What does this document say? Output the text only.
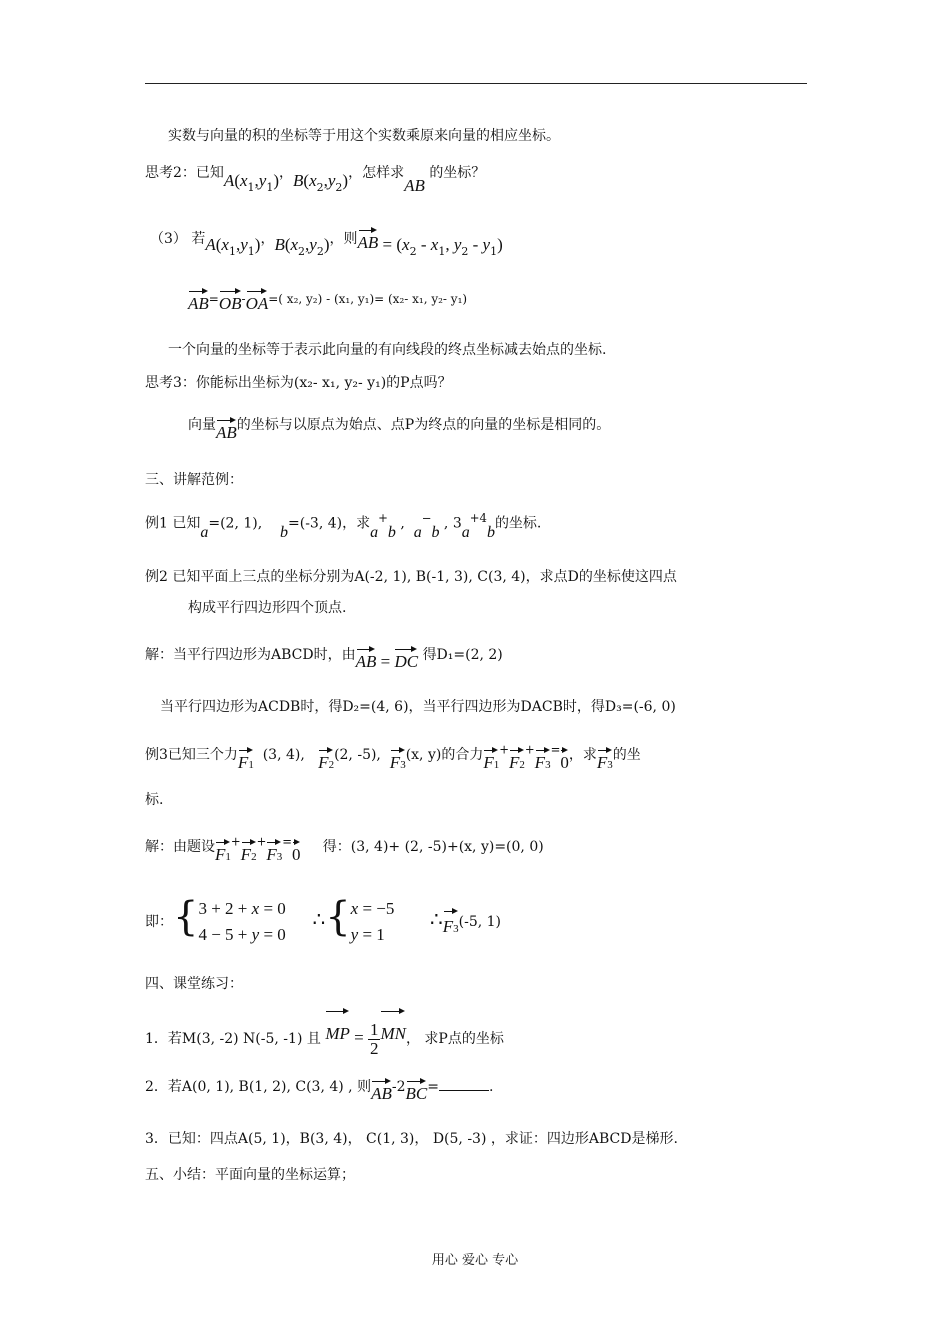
实数与向量的积的坐标等于用这个实数乘原来向量的相应坐标。
思考2：已知$A(x_1,y_1)$，$B(x_2,y_2)$，怎样求AB 的坐标？
（3） 若$A(x_1,y_1)$，$B(x_2,y_2)$，则AB = ($x_2 - x_1$, $y_2 - y_1$)
AB=OB-OA=( x₂, y₂) - (x₁, y₁)= (x₂- x₁, y₂- y₁)
一个向量的坐标等于表示此向量的有向线段的终点坐标减去始点的坐标.
思考3：你能标出坐标为(x₂- x₁, y₂- y₁)的P点吗？
向量AB的坐标与以原点为始点、点P为终点的向量的坐标是相同的。
三、讲解范例：
例1 已知a=(2, 1), b=(-3, 4)，求a+b ,  a−b , $3a^{+4}b$的坐标.
例2 已知平面上三点的坐标分别为A(-2, 1), B(-1, 3), C(3, 4)，求点D的坐标使这四点
构成平行四边形四个顶点.
解：当平行四边形为ABCD时，由AB = DC 得D₁=(2, 2)
当平行四边形为ACDB时，得D₂=(4, 6)，当平行四边形为DACB时，得D₃=(-6, 0)
例3已知三个力F1  (3, 4), F2(2, -5), F3(x, y)的合力F1+F2+F3=0，求F3的坐
标.
解：由题设F1+F2+F3=0 得：(3, 4)+ (2, -5)+(x, y)=(0, 0)
即：{3 + 2 + x = 0
4 − 5 + y = 0      ∴{x = −5
y = 1        ∴F3(-5, 1)
四、课堂练习：
1．若M(3, -2) N(-5, -1) 且 MP = $\frac{1}{2}$ MN， 求P点的坐标
2．若A(0, 1), B(1, 2), C(3, 4) , 则AB-2BC=	.
3．已知：四点A(5, 1)，B(3, 4)， C(1, 3)， D(5, -3) ，求证：四边形ABCD是梯形.
五、小结：平面向量的坐标运算；
用心 爱心 专心
